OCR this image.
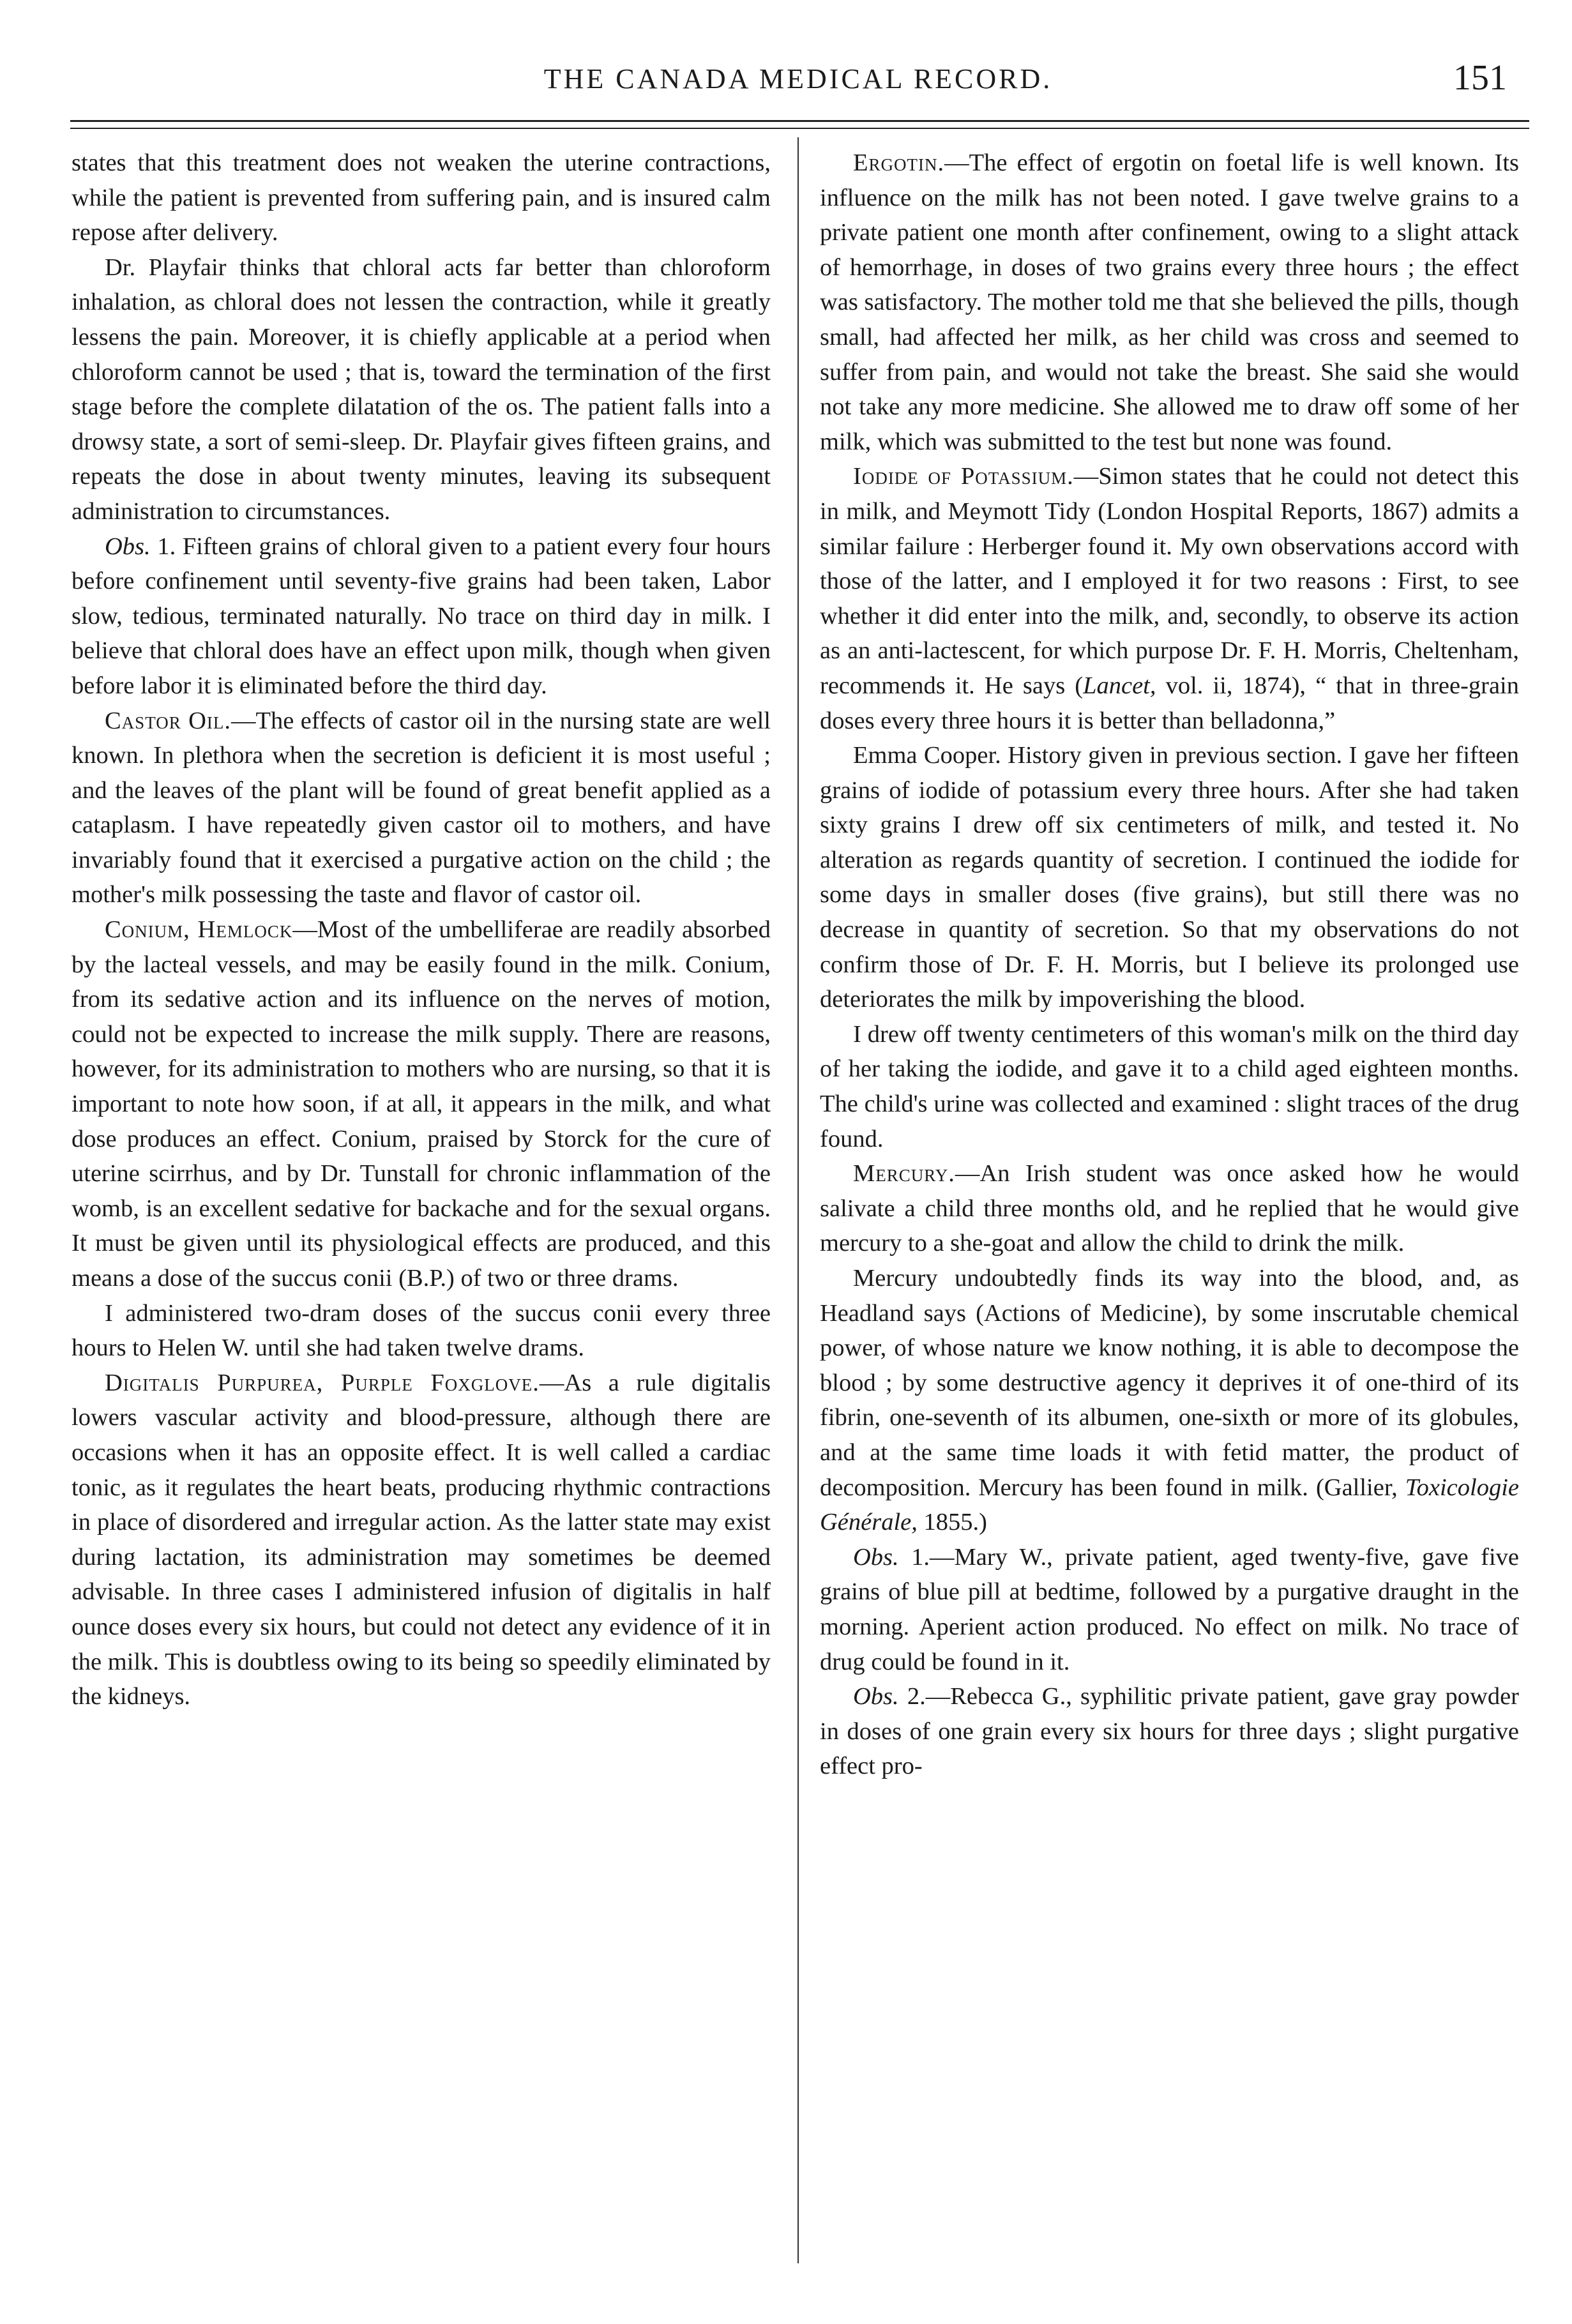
THE CANADA MEDICAL RECORD.	151

states that this treatment does not weaken the uterine contractions, while the patient is prevented from suffering pain, and is insured calm repose after delivery.

Dr. Playfair thinks that chloral acts far better than chloroform inhalation, as chloral does not lessen the contraction, while it greatly lessens the pain. Moreover, it is chiefly applicable at a period when chloroform cannot be used ; that is, toward the termination of the first stage before the complete dilatation of the os. The patient falls into a drowsy state, a sort of semi-sleep. Dr. Playfair gives fifteen grains, and repeats the dose in about twenty minutes, leaving its subsequent administration to circumstances.

Obs. 1. Fifteen grains of chloral given to a patient every four hours before confinement until seventy-five grains had been taken, Labor slow, tedious, terminated naturally. No trace on third day in milk. I believe that chloral does have an effect upon milk, though when given before labor it is eliminated before the third day.

Castor Oil.—The effects of castor oil in the nursing state are well known. In plethora when the secretion is deficient it is most useful ; and the leaves of the plant will be found of great benefit applied as a cataplasm. I have repeatedly given castor oil to mothers, and have invariably found that it exercised a purgative action on the child ; the mother's milk possessing the taste and flavor of castor oil.

Conium, Hemlock—Most of the umbelliferae are readily absorbed by the lacteal vessels, and may be easily found in the milk. Conium, from its sedative action and its influence on the nerves of motion, could not be expected to increase the milk supply. There are reasons, however, for its administration to mothers who are nursing, so that it is important to note how soon, if at all, it appears in the milk, and what dose produces an effect. Conium, praised by Storck for the cure of uterine scirrhus, and by Dr. Tunstall for chronic inflammation of the womb, is an excellent sedative for backache and for the sexual organs. It must be given until its physiological effects are produced, and this means a dose of the succus conii (B.P.) of two or three drams.

I administered two-dram doses of the succus conii every three hours to Helen W. until she had taken twelve drams.

Digitalis Purpurea, Purple Foxglove.—As a rule digitalis lowers vascular activity and blood-pressure, although there are occasions when it has an opposite effect. It is well called a cardiac tonic, as it regulates the heart beats, producing rhythmic contractions in place of disordered and irregular action. As the latter state may exist during lactation, its administration may sometimes be deemed advisable. In three cases I administered infusion of digitalis in half ounce doses every six hours, but could not detect any evidence of it in the milk. This is doubtless owing to its being so speedily eliminated by the kidneys.

Ergotin.—The effect of ergotin on foetal life is well known. Its influence on the milk has not been noted. I gave twelve grains to a private patient one month after confinement, owing to a slight attack of hemorrhage, in doses of two grains every three hours ; the effect was satisfactory. The mother told me that she believed the pills, though small, had affected her milk, as her child was cross and seemed to suffer from pain, and would not take the breast. She said she would not take any more medicine. She allowed me to draw off some of her milk, which was submitted to the test but none was found.

Iodide of Potassium.—Simon states that he could not detect this in milk, and Meymott Tidy (London Hospital Reports, 1867) admits a similar failure : Herberger found it. My own observations accord with those of the latter, and I employed it for two reasons : First, to see whether it did enter into the milk, and, secondly, to observe its action as an anti-lactescent, for which purpose Dr. F. H. Morris, Cheltenham, recommends it. He says (Lancet, vol. ii, 1874), “ that in three-grain doses every three hours it is better than belladonna,”

Emma Cooper. History given in previous section. I gave her fifteen grains of iodide of potassium every three hours. After she had taken sixty grains I drew off six centimeters of milk, and tested it. No alteration as regards quantity of secretion. I continued the iodide for some days in smaller doses (five grains), but still there was no decrease in quantity of secretion. So that my observations do not confirm those of Dr. F. H. Morris, but I believe its prolonged use deteriorates the milk by impoverishing the blood.

I drew off twenty centimeters of this woman's milk on the third day of her taking the iodide, and gave it to a child aged eighteen months. The child's urine was collected and examined : slight traces of the drug found.

Mercury.—An Irish student was once asked how he would salivate a child three months old, and he replied that he would give mercury to a she-goat and allow the child to drink the milk.

Mercury undoubtedly finds its way into the blood, and, as Headland says (Actions of Medicine), by some inscrutable chemical power, of whose nature we know nothing, it is able to decompose the blood ; by some destructive agency it deprives it of one-third of its fibrin, one-seventh of its albumen, one-sixth or more of its globules, and at the same time loads it with fetid matter, the product of decomposition. Mercury has been found in milk. (Gallier, Toxicologie Générale, 1855.)

Obs. 1.—Mary W., private patient, aged twenty-five, gave five grains of blue pill at bedtime, followed by a purgative draught in the morning. Aperient action produced. No effect on milk. No trace of drug could be found in it.

Obs. 2.—Rebecca G., syphilitic private patient, gave gray powder in doses of one grain every six hours for three days ; slight purgative effect pro-
